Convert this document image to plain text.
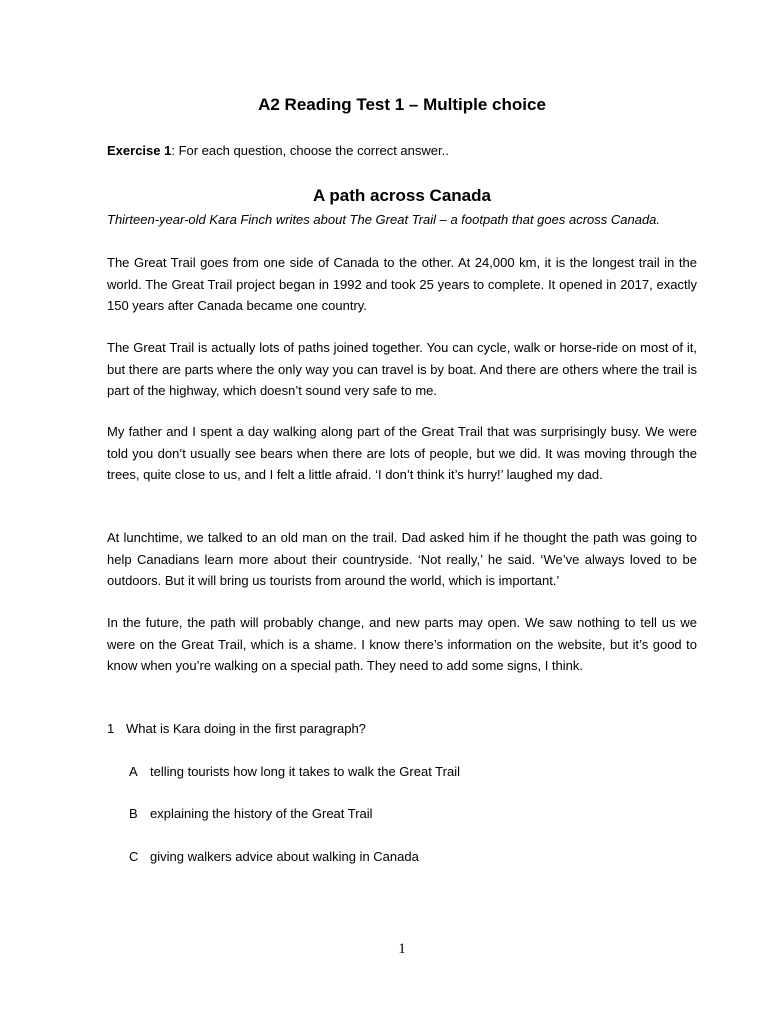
A2 Reading Test 1 – Multiple choice

Exercise 1: For each question, choose the correct answer..

A path across Canada

Thirteen-year-old Kara Finch writes about The Great Trail – a footpath that goes across Canada.

The Great Trail goes from one side of Canada to the other. At 24,000 km, it is the longest trail in the world. The Great Trail project began in 1992 and took 25 years to complete. It opened in 2017, exactly 150 years after Canada became one country.

The Great Trail is actually lots of paths joined together. You can cycle, walk or horse-ride on most of it, but there are parts where the only way you can travel is by boat. And there are others where the trail is part of the highway, which doesn’t sound very safe to me.

My father and I spent a day walking along part of the Great Trail that was surprisingly busy. We were told you don’t usually see bears when there are lots of people, but we did. It was moving through the trees, quite close to us, and I felt a little afraid. ‘I don’t think it’s hurry!’ laughed my dad.

At lunchtime, we talked to an old man on the trail. Dad asked him if he thought the path was going to help Canadians learn more about their countryside. ‘Not really,’ he said. ‘We’ve always loved to be outdoors. But it will bring us tourists from around the world, which is important.’

In the future, the path will probably change, and new parts may open. We saw nothing to tell us we were on the Great Trail, which is a shame. I know there’s information on the website, but it’s good to know when you’re walking on a special path. They need to add some signs, I think.

1 What is Kara doing in the first paragraph?

A telling tourists how long it takes to walk the Great Trail

B explaining the history of the Great Trail

C giving walkers advice about walking in Canada

1
